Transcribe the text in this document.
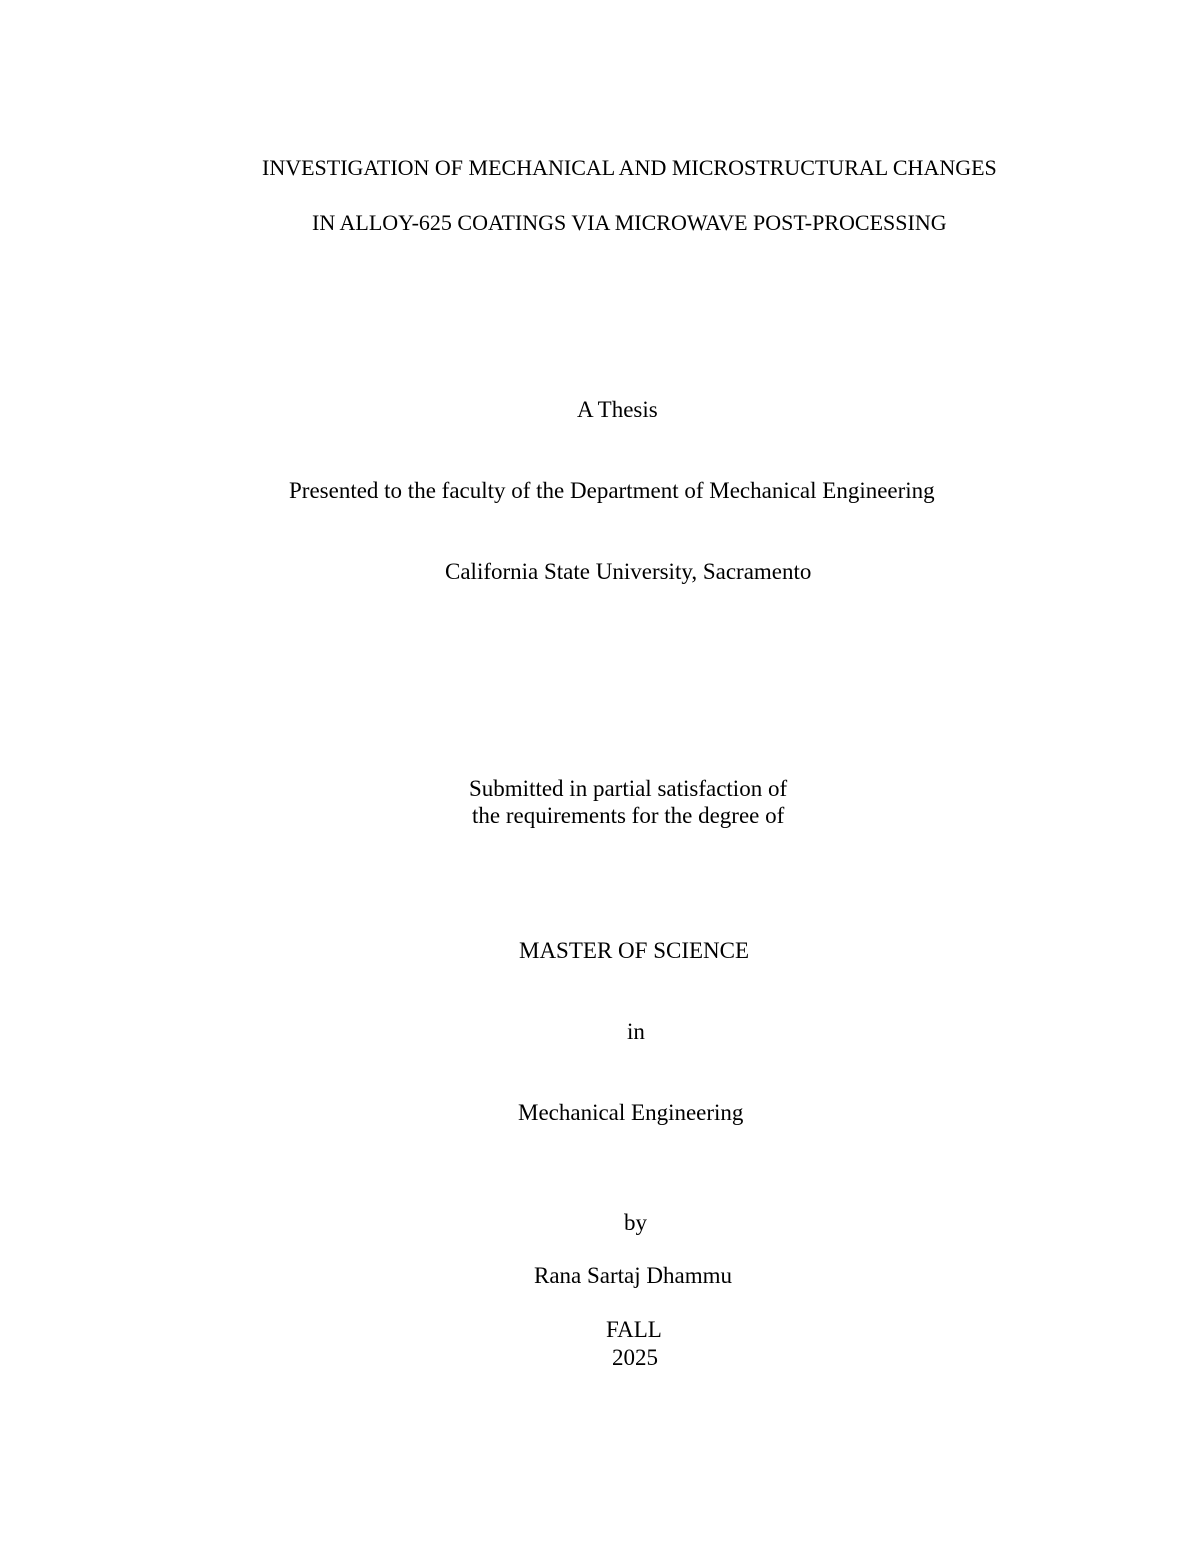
INVESTIGATION OF MECHANICAL AND MICROSTRUCTURAL CHANGES
IN ALLOY-625 COATINGS VIA MICROWAVE POST-PROCESSING
A Thesis
Presented to the faculty of the Department of Mechanical Engineering
California State University, Sacramento
Submitted in partial satisfaction of
the requirements for the degree of
MASTER OF SCIENCE
in
Mechanical Engineering
by
Rana Sartaj Dhammu
FALL
2025
